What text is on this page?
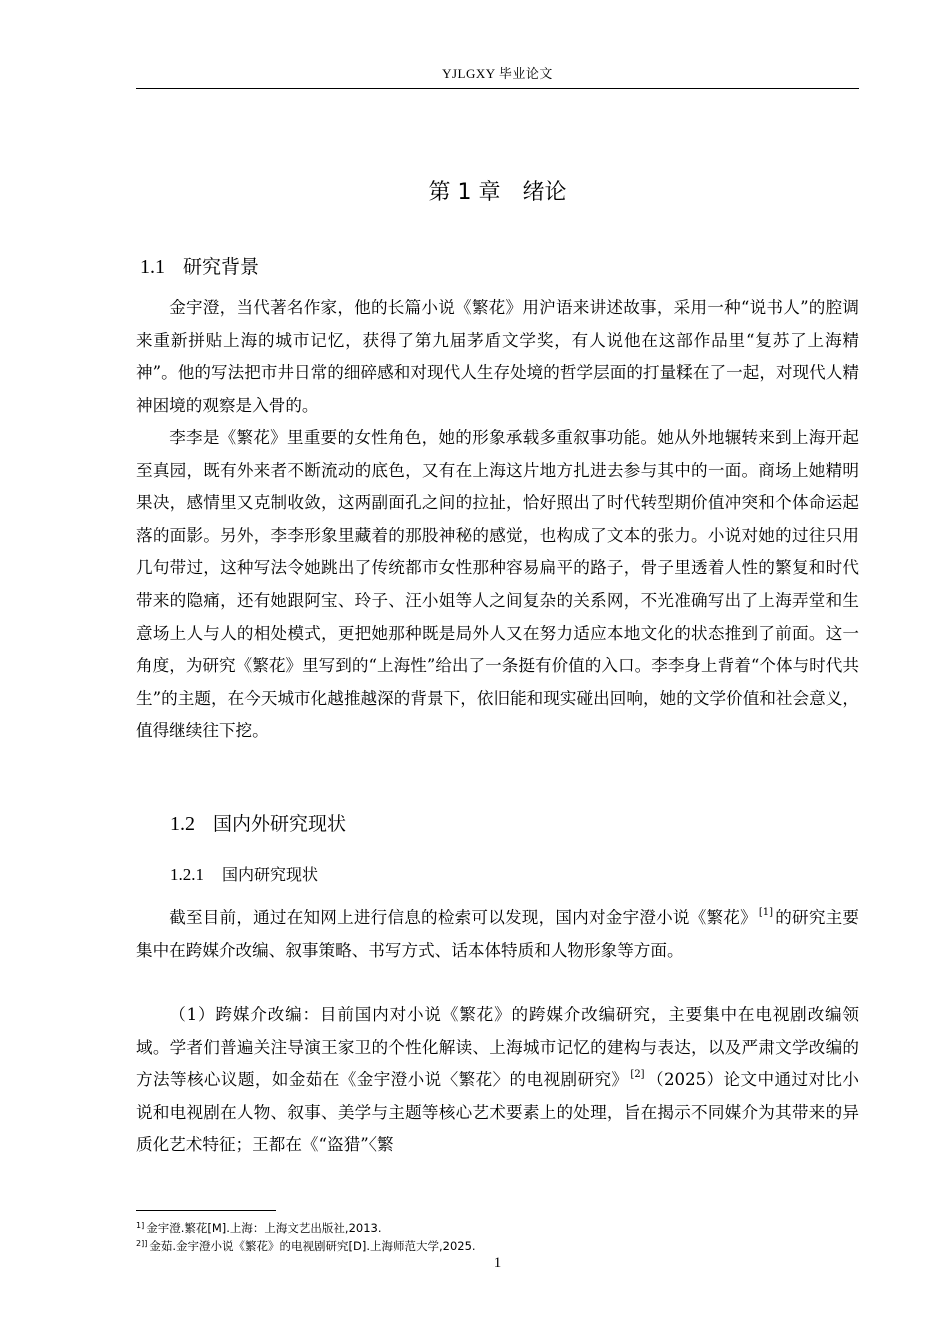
YJLGXY 毕业论文
第 1 章　绪论
1.1 研究背景

金宇澄，当代著名作家，他的长篇小说《繁花》用沪语来讲述故事，采用一种“说书人”的腔调来重新拼贴上海的城市记忆，获得了第九届茅盾文学奖，有人说他在这部作品里“复苏了上海精神”。他的写法把市井日常的细碎感和对现代人生存处境的哲学层面的打量糅在了一起，对现代人精神困境的观察是入骨的。

李李是《繁花》里重要的女性角色，她的形象承载多重叙事功能。她从外地辗转来到上海开起至真园，既有外来者不断流动的底色，又有在上海这片地方扎进去参与其中的一面。商场上她精明果决，感情里又克制收敛，这两副面孔之间的拉扯，恰好照出了时代转型期价值冲突和个体命运起落的面影。另外，李李形象里藏着的那股神秘的感觉，也构成了文本的张力。小说对她的过往只用几句带过，这种写法令她跳出了传统都市女性那种容易扁平的路子，骨子里透着人性的繁复和时代带来的隐痛，还有她跟阿宝、玲子、汪小姐等人之间复杂的关系网，不光准确写出了上海弄堂和生意场上人与人的相处模式，更把她那种既是局外人又在努力适应本地文化的状态推到了前面。这一角度，为研究《繁花》里写到的“上海性”给出了一条挺有价值的入口。李李身上背着“个体与时代共生”的主题，在今天城市化越推越深的背景下，依旧能和现实碰出回响，她的文学价值和社会意义，值得继续往下挖。

1.2 国内外研究现状
1.2.1 国内研究现状

截至目前，通过在知网上进行信息的检索可以发现，国内对金宇澄小说《繁花》 [1] 的研究主要集中在跨媒介改编、叙事策略、书写方式、话本体特质和人物形象等方面。

（1）跨媒介改编：目前国内对小说《繁花》的跨媒介改编研究，主要集中在电视剧改编领域。学者们普遍关注导演王家卫的个性化解读、上海城市记忆的建构与表达，以及严肃文学改编的方法等核心议题，如金茹在《金宇澄小说〈繁花〉的电视剧研究》 [2] （2025）论文中通过对比小说和电视剧在人物、叙事、美学与主题等核心艺术要素上的处理，旨在揭示不同媒介为其带来的异质化艺术特征；王都在《“盗猎”〈繁

$^{1]}$ 金宇澄.繁花[M].上海：上海文艺出版社,2013.
$^{2]]}$ 金茹.金宇澄小说《繁花》的电视剧研究[D].上海师范大学,2025.
1
